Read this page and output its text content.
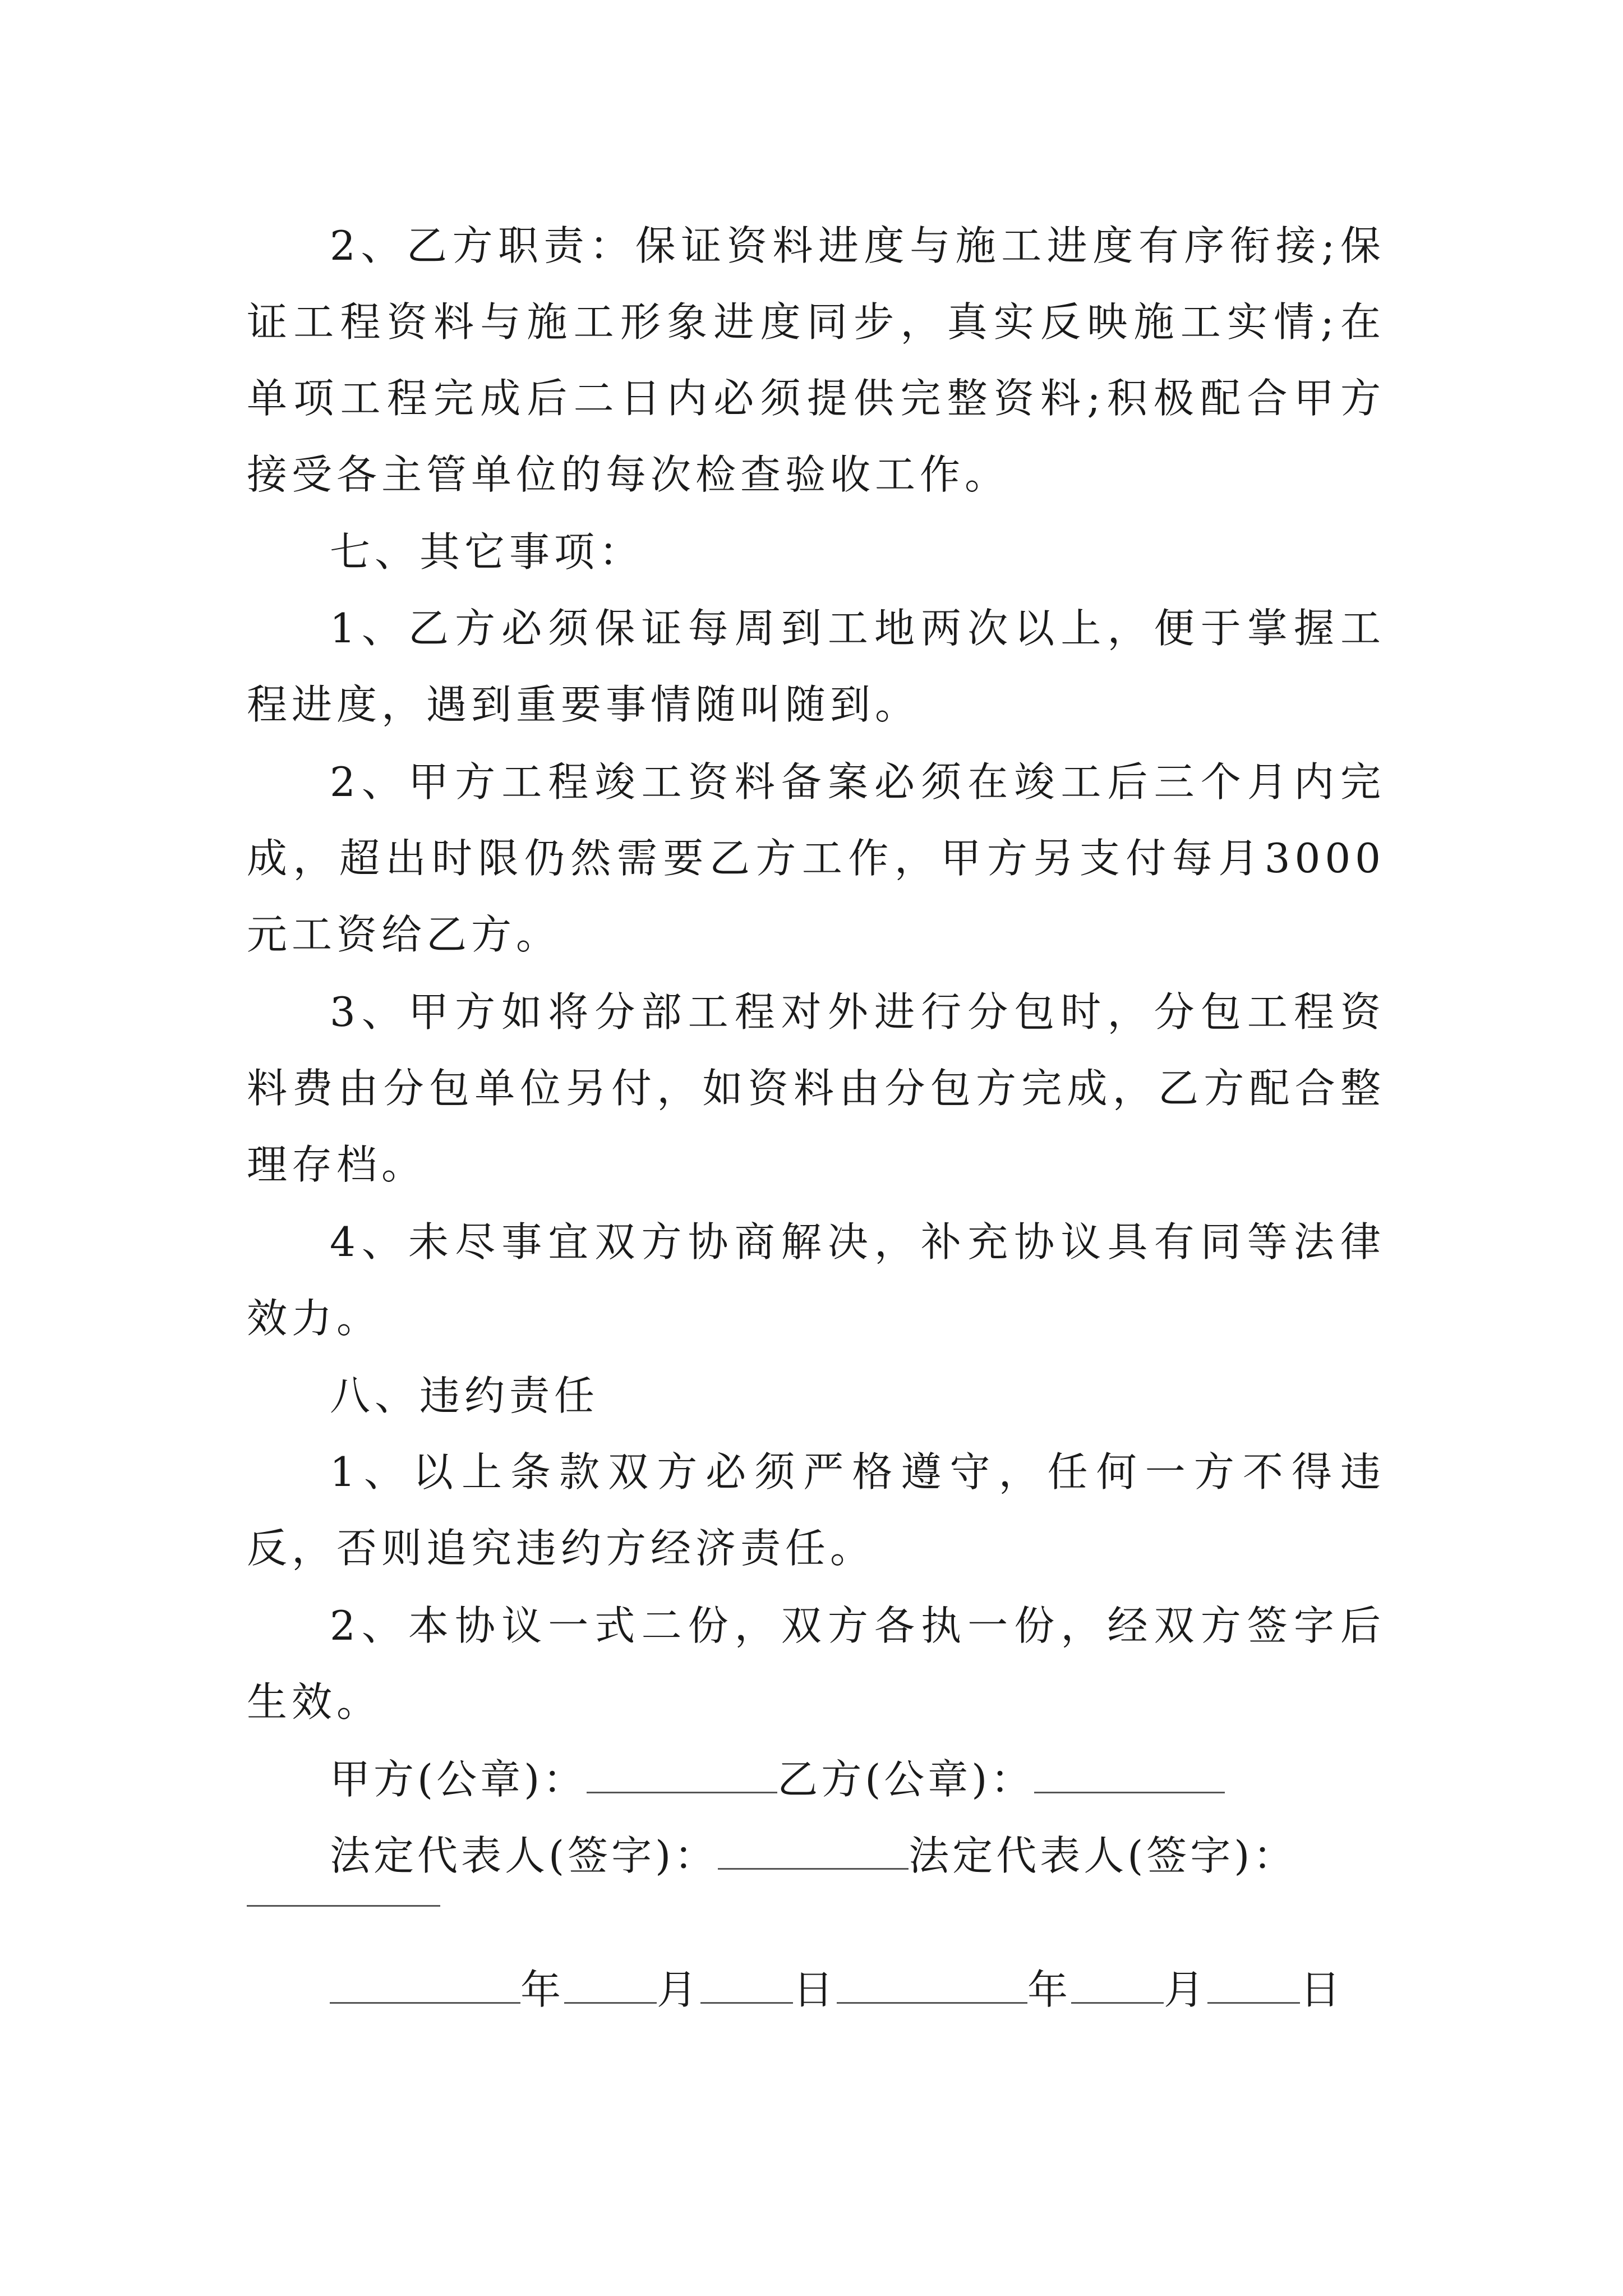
2、乙方职责：保证资料进度与施工进度有序衔接;保证工程资料与施工形象进度同步，真实反映施工实情;在单项工程完成后二日内必须提供完整资料;积极配合甲方接受各主管单位的每次检查验收工作。

七、其它事项：

1、乙方必须保证每周到工地两次以上，便于掌握工程进度，遇到重要事情随叫随到。

2、甲方工程竣工资料备案必须在竣工后三个月内完成，超出时限仍然需要乙方工作，甲方另支付每月3000元工资给乙方。

3、甲方如将分部工程对外进行分包时，分包工程资料费由分包单位另付，如资料由分包方完成，乙方配合整理存档。

4、未尽事宜双方协商解决，补充协议具有同等法律效力。

八、违约责任

1、以上条款双方必须严格遵守，任何一方不得违反，否则追究违约方经济责任。

2、本协议一式二份，双方各执一份，经双方签字后生效。

甲方(公章)：	乙方(公章)：
法定代表人(签字)：	法定代表人(签字)：
年 月 日	年 月 日
